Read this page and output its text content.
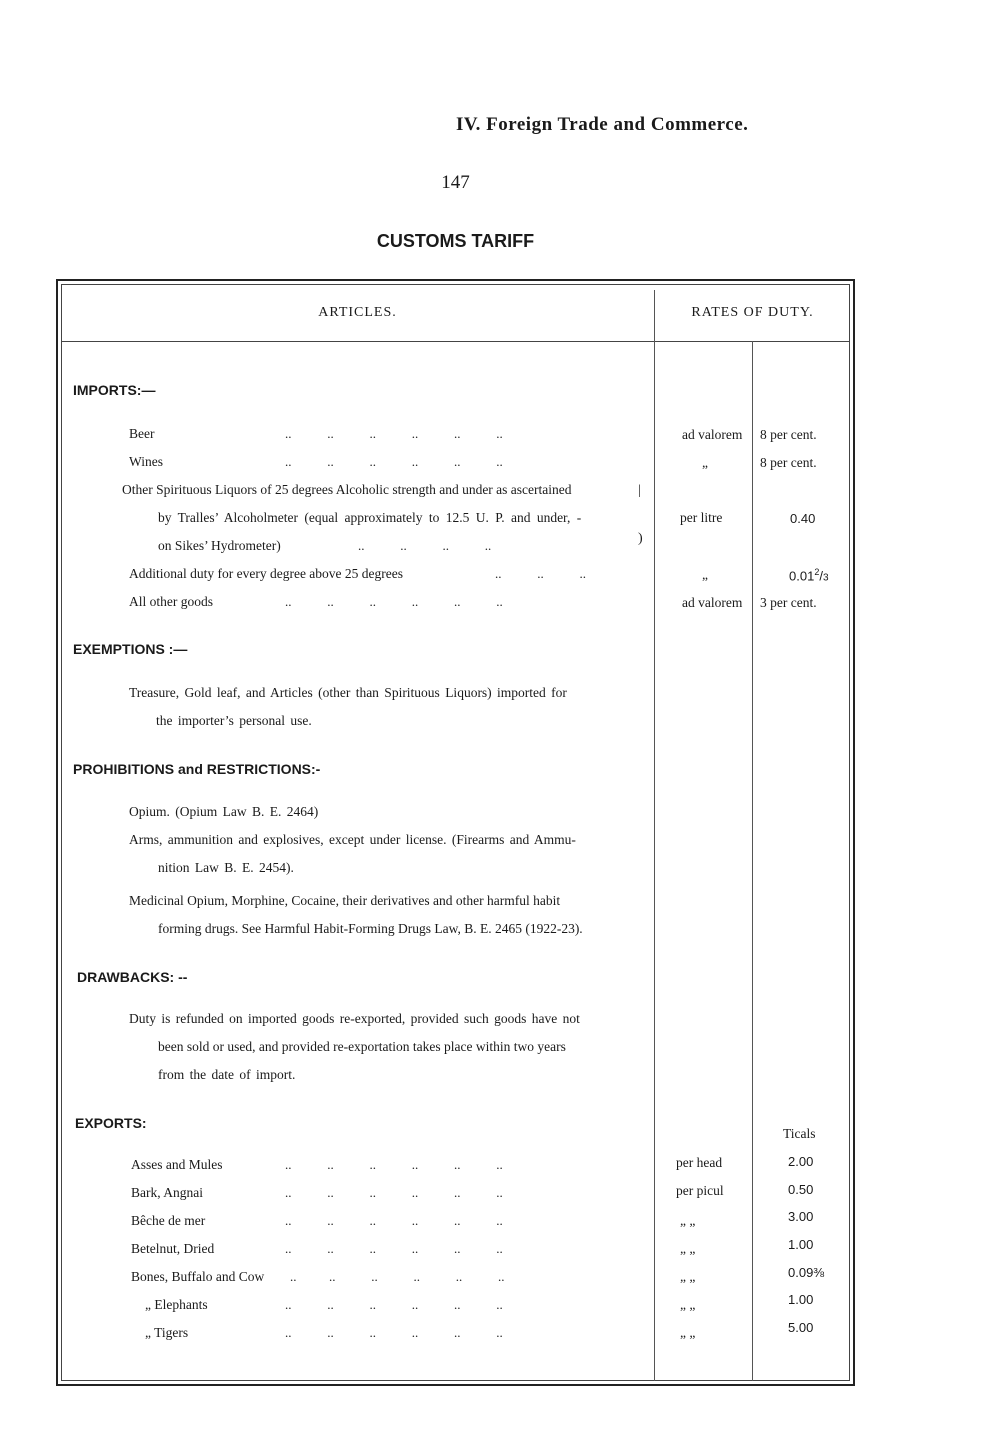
IV. Foreign Trade and Commerce.
147
CUSTOMS TARIFF
ARTICLES.	RATES OF DUTY.
IMPORTS:—
Beer	..           ..           ..           ..           ..           ..	ad valorem 8 per cent.
Wines	..           ..           ..           ..           ..           ..	„	8 per cent.
Other Spirituous Liquors of 25 degrees Alcoholic strength and under as ascertained
by Tralles’ Alcoholmeter (equal approximately to 12.5 U. P. and under, -
on Sikes’ Hydrometer)	..           ..           ..           ..
|
)
per litre	0.40
Additional duty for every degree above 25 degrees	..           ..           ..	„	0.01$^2$/3
All other goods	..           ..           ..           ..           ..           ..	ad valorem 3 per cent.
EXEMPTIONS :—
Treasure, Gold leaf, and Articles (other than Spirituous Liquors) imported for
the importer’s personal use.
PROHIBITIONS and RESTRICTIONS:-
Opium. (Opium Law B. E. 2464)
Arms, ammunition and explosives, except under license. (Firearms and Ammu-
nition Law B. E. 2454).
Medicinal Opium, Morphine, Cocaine, their derivatives and other harmful habit
forming drugs. See Harmful Habit-Forming Drugs Law, B. E. 2465 (1922-23).
DRAWBACKS: --
Duty is refunded on imported goods re-exported, provided such goods have not
been sold or used, and provided re-exportation takes place within two years
from the date of import.
EXPORTS:
Ticals
Asses and Mules	..           ..           ..           ..           ..           ..	per head	2.00
Bark, Angnai	..           ..           ..           ..           ..           ..	per picul	0.50
Bêche de mer	..           ..           ..           ..           ..           ..	„ „	3.00
Betelnut, Dried	..           ..           ..           ..           ..           ..	„ „	1.00
Bones, Buffalo and Cow ..          ..           ..           ..           ..           ..	„ „	0.09⅜
„ Elephants	..           ..           ..           ..           ..           ..	„ „	1.00
„ Tigers	..           ..           ..           ..           ..           ..	„ „	5.00
